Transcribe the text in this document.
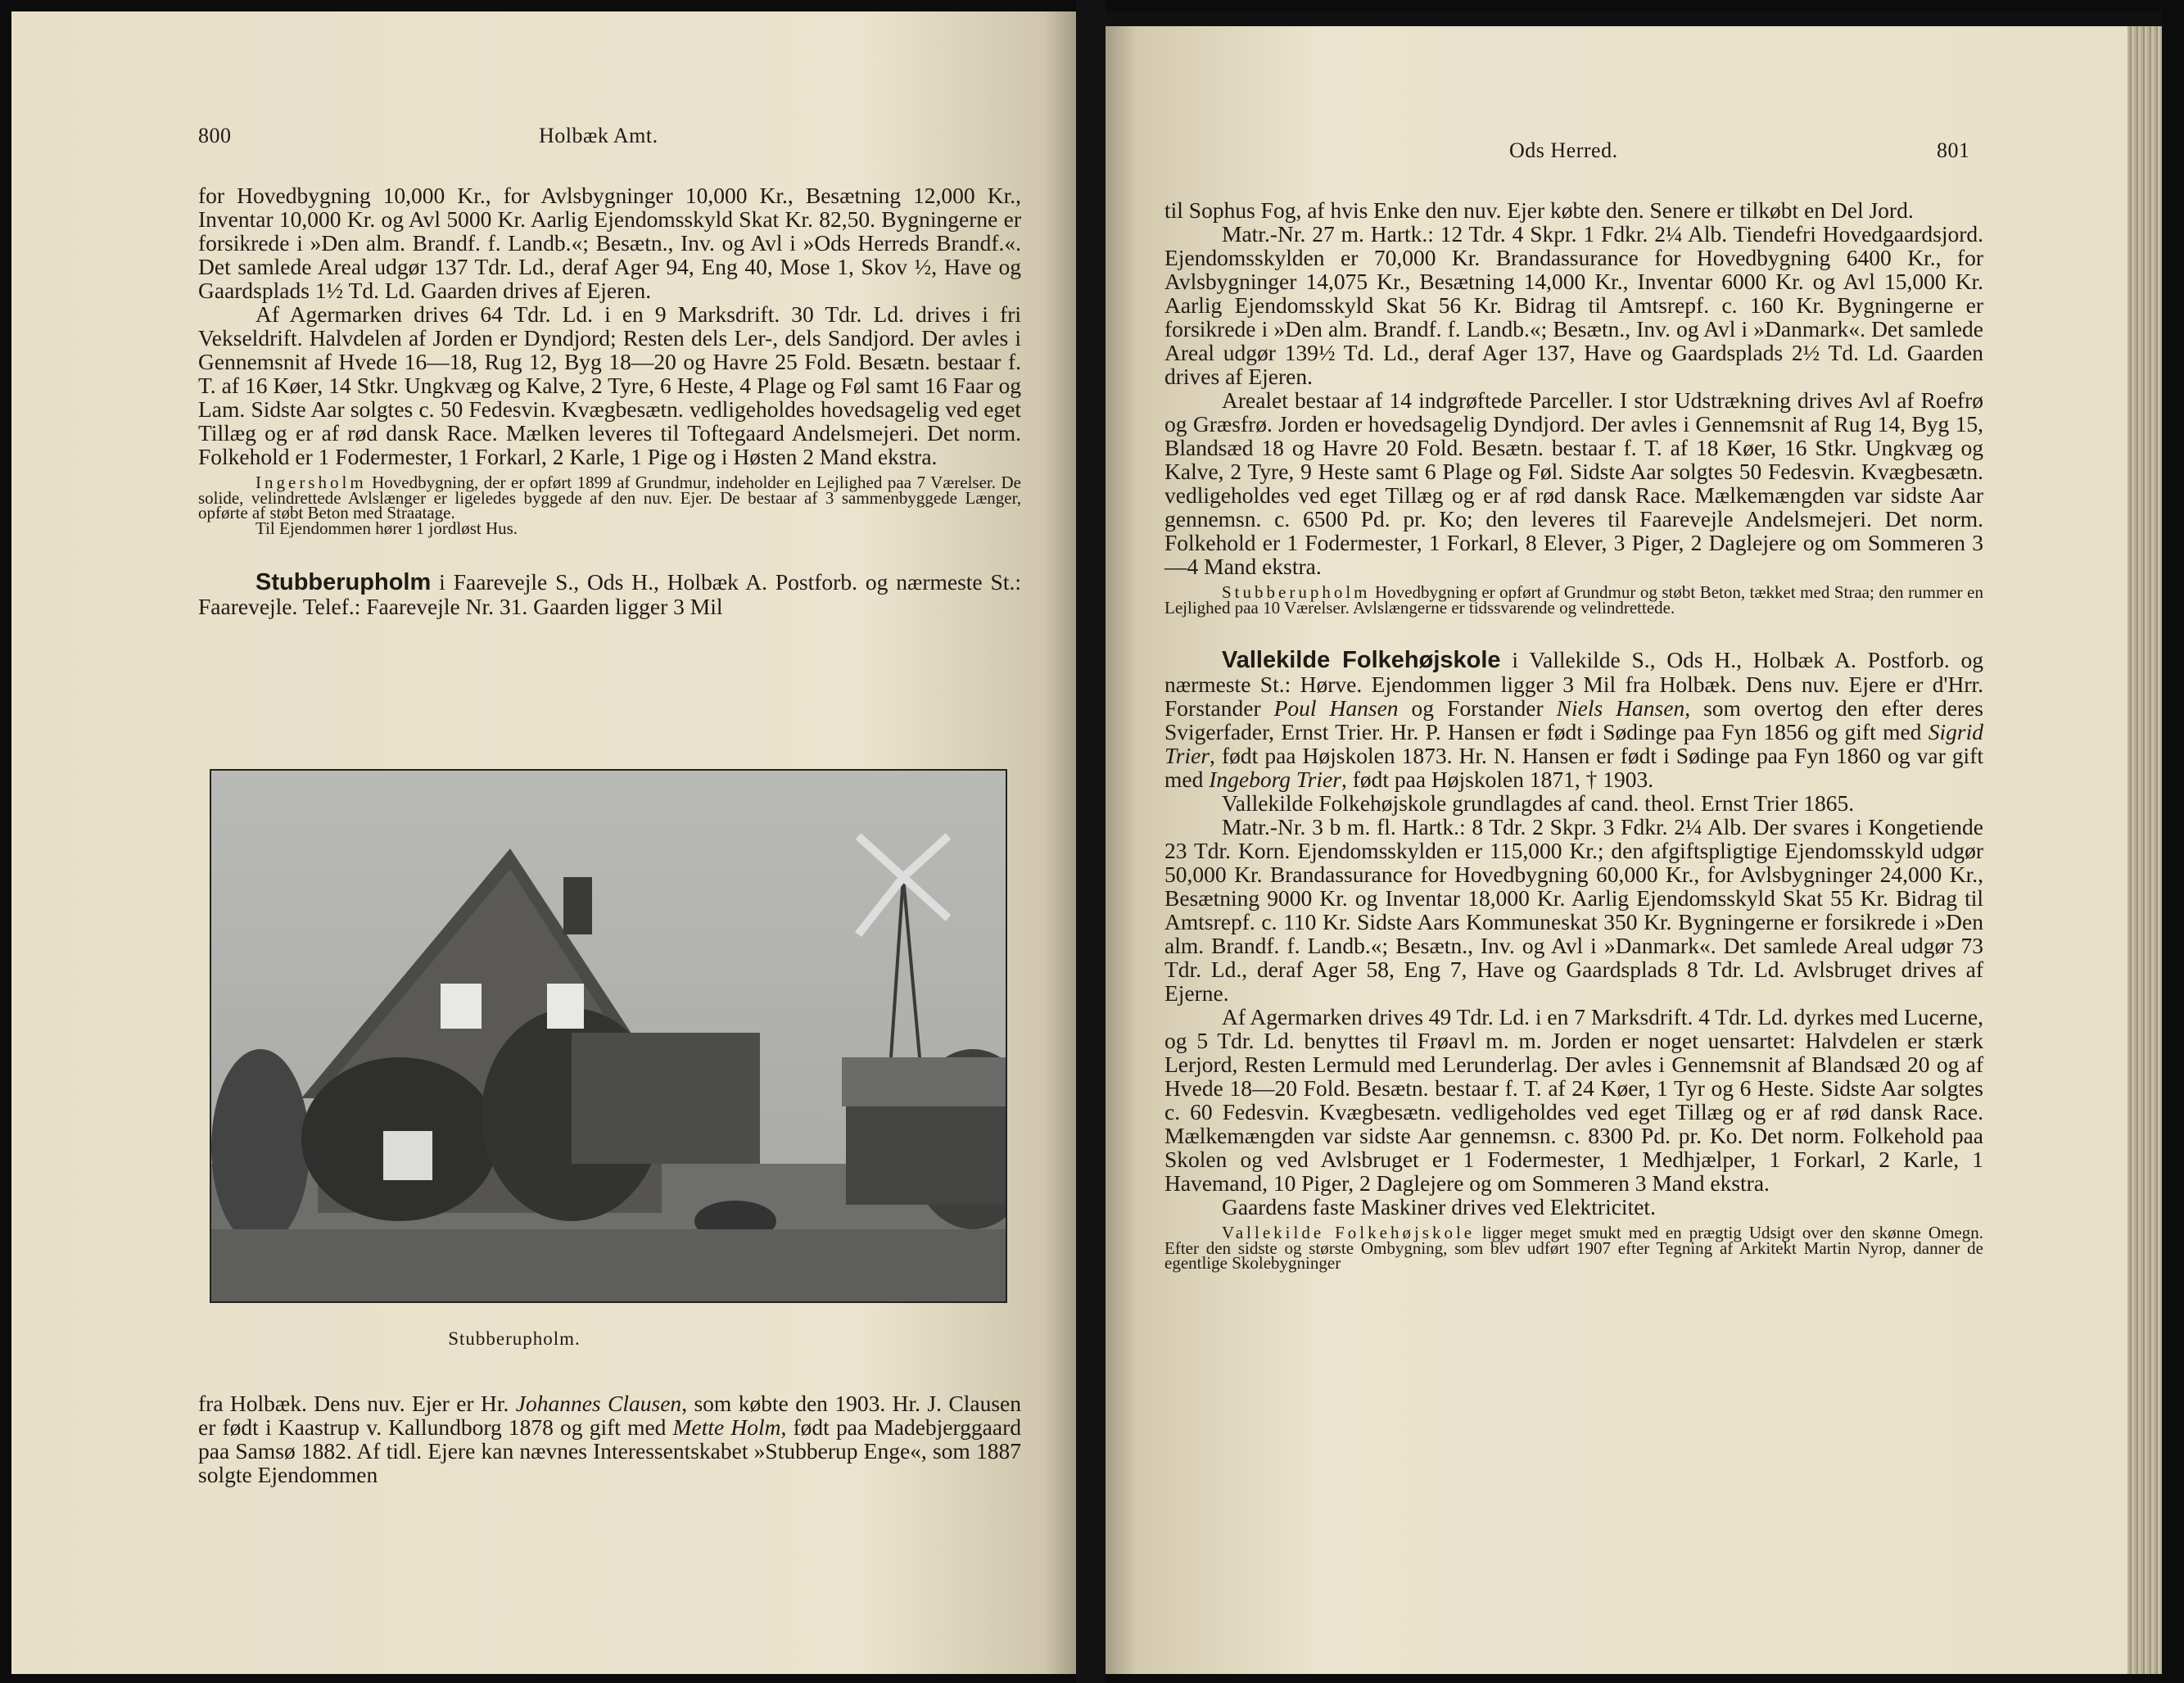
800	Holbæk Amt.

for Hovedbygning 10,000 Kr., for Avlsbygninger 10,000 Kr., Besætning 12,000 Kr., Inventar 10,000 Kr. og Avl 5000 Kr. Aarlig Ejendomsskyld Skat Kr. 82,50. Bygningerne er forsikrede i »Den alm. Brandf. f. Landb.«; Besætn., Inv. og Avl i »Ods Herreds Brandf.«. Det samlede Areal udgør 137 Tdr. Ld., deraf Ager 94, Eng 40, Mose 1, Skov ½, Have og Gaardsplads 1½ Td. Ld. Gaarden drives af Ejeren.

Af Agermarken drives 64 Tdr. Ld. i en 9 Marksdrift. 30 Tdr. Ld. drives i fri Vekseldrift. Halvdelen af Jorden er Dyndjord; Resten dels Ler-, dels Sandjord. Der avles i Gennemsnit af Hvede 16—18, Rug 12, Byg 18—20 og Havre 25 Fold. Besætn. bestaar f. T. af 16 Køer, 14 Stkr. Ungkvæg og Kalve, 2 Tyre, 6 Heste, 4 Plage og Føl samt 16 Faar og Lam. Sidste Aar solgtes c. 50 Fedesvin. Kvægbesætn. vedligeholdes hovedsagelig ved eget Tillæg og er af rød dansk Race. Mælken leveres til Toftegaard Andelsmejeri. Det norm. Folkehold er 1 Fodermester, 1 Forkarl, 2 Karle, 1 Pige og i Høsten 2 Mand ekstra.

Ingersholm Hovedbygning, der er opført 1899 af Grundmur, indeholder en Lejlighed paa 7 Værelser. De solide, velindrettede Avlslænger er ligeledes byggede af den nuv. Ejer. De bestaar af 3 sammenbyggede Længer, opførte af støbt Beton med Straatage.

Til Ejendommen hører 1 jordløst Hus.

Stubberupholm i Faarevejle S., Ods H., Holbæk A. Postforb. og nærmeste St.: Faarevejle. Telef.: Faarevejle Nr. 31. Gaarden ligger 3 Mil

Stubberupholm.

fra Holbæk. Dens nuv. Ejer er Hr. Johannes Clausen, som købte den 1903. Hr. J. Clausen er født i Kaastrup v. Kallundborg 1878 og gift med Mette Holm, født paa Madebjerggaard paa Samsø 1882. Af tidl. Ejere kan nævnes Interessentskabet »Stubberup Enge«, som 1887 solgte Ejendommen

Ods Herred.	801

til Sophus Fog, af hvis Enke den nuv. Ejer købte den. Senere er tilkøbt en Del Jord.

Matr.-Nr. 27 m. Hartk.: 12 Tdr. 4 Skpr. 1 Fdkr. 2¼ Alb. Tiendefri Hovedgaardsjord. Ejendomsskylden er 70,000 Kr. Brandassurance for Hovedbygning 6400 Kr., for Avlsbygninger 14,075 Kr., Besætning 14,000 Kr., Inventar 6000 Kr. og Avl 15,000 Kr. Aarlig Ejendomsskyld Skat 56 Kr. Bidrag til Amtsrepf. c. 160 Kr. Bygningerne er forsikrede i »Den alm. Brandf. f. Landb.«; Besætn., Inv. og Avl i »Danmark«. Det samlede Areal udgør 139½ Td. Ld., deraf Ager 137, Have og Gaardsplads 2½ Td. Ld. Gaarden drives af Ejeren.

Arealet bestaar af 14 indgrøftede Parceller. I stor Udstrækning drives Avl af Roefrø og Græsfrø. Jorden er hovedsagelig Dyndjord. Der avles i Gennemsnit af Rug 14, Byg 15, Blandsæd 18 og Havre 20 Fold. Besætn. bestaar f. T. af 18 Køer, 16 Stkr. Ungkvæg og Kalve, 2 Tyre, 9 Heste samt 6 Plage og Føl. Sidste Aar solgtes 50 Fedesvin. Kvægbesætn. vedligeholdes ved eget Tillæg og er af rød dansk Race. Mælkemængden var sidste Aar gennemsn. c. 6500 Pd. pr. Ko; den leveres til Faarevejle Andelsmejeri. Det norm. Folkehold er 1 Fodermester, 1 Forkarl, 8 Elever, 3 Piger, 2 Daglejere og om Sommeren 3—4 Mand ekstra.

Stubberupholm Hovedbygning er opført af Grundmur og støbt Beton, tækket med Straa; den rummer en Lejlighed paa 10 Værelser. Avlslængerne er tidssvarende og velindrettede.

Vallekilde Folkehøjskole i Vallekilde S., Ods H., Holbæk A. Postforb. og nærmeste St.: Hørve. Ejendommen ligger 3 Mil fra Holbæk. Dens nuv. Ejere er d'Hrr. Forstander Poul Hansen og Forstander Niels Hansen, som overtog den efter deres Svigerfader, Ernst Trier. Hr. P. Hansen er født i Sødinge paa Fyn 1856 og gift med Sigrid Trier, født paa Højskolen 1873. Hr. N. Hansen er født i Sødinge paa Fyn 1860 og var gift med Ingeborg Trier, født paa Højskolen 1871, † 1903.

Vallekilde Folkehøjskole grundlagdes af cand. theol. Ernst Trier 1865.

Matr.-Nr. 3 b m. fl. Hartk.: 8 Tdr. 2 Skpr. 3 Fdkr. 2¼ Alb. Der svares i Kongetiende 23 Tdr. Korn. Ejendomsskylden er 115,000 Kr.; den afgiftspligtige Ejendomsskyld udgør 50,000 Kr. Brandassurance for Hovedbygning 60,000 Kr., for Avlsbygninger 24,000 Kr., Besætning 9000 Kr. og Inventar 18,000 Kr. Aarlig Ejendomsskyld Skat 55 Kr. Bidrag til Amtsrepf. c. 110 Kr. Sidste Aars Kommuneskat 350 Kr. Bygningerne er forsikrede i »Den alm. Brandf. f. Landb.«; Besætn., Inv. og Avl i »Danmark«. Det samlede Areal udgør 73 Tdr. Ld., deraf Ager 58, Eng 7, Have og Gaardsplads 8 Tdr. Ld. Avlsbruget drives af Ejerne.

Af Agermarken drives 49 Tdr. Ld. i en 7 Marksdrift. 4 Tdr. Ld. dyrkes med Lucerne, og 5 Tdr. Ld. benyttes til Frøavl m. m. Jorden er noget uensartet: Halvdelen er stærk Lerjord, Resten Lermuld med Lerunderlag. Der avles i Gennemsnit af Blandsæd 20 og af Hvede 18—20 Fold. Besætn. bestaar f. T. af 24 Køer, 1 Tyr og 6 Heste. Sidste Aar solgtes c. 60 Fedesvin. Kvægbesætn. vedligeholdes ved eget Tillæg og er af rød dansk Race. Mælkemængden var sidste Aar gennemsn. c. 8300 Pd. pr. Ko. Det norm. Folkehold paa Skolen og ved Avlsbruget er 1 Fodermester, 1 Medhjælper, 1 Forkarl, 2 Karle, 1 Havemand, 10 Piger, 2 Daglejere og om Sommeren 3 Mand ekstra.

Gaardens faste Maskiner drives ved Elektricitet.

Vallekilde Folkehøjskole ligger meget smukt med en prægtig Udsigt over den skønne Omegn. Efter den sidste og største Ombygning, som blev udført 1907 efter Tegning af Arkitekt Martin Nyrop, danner de egentlige Skolebygninger
